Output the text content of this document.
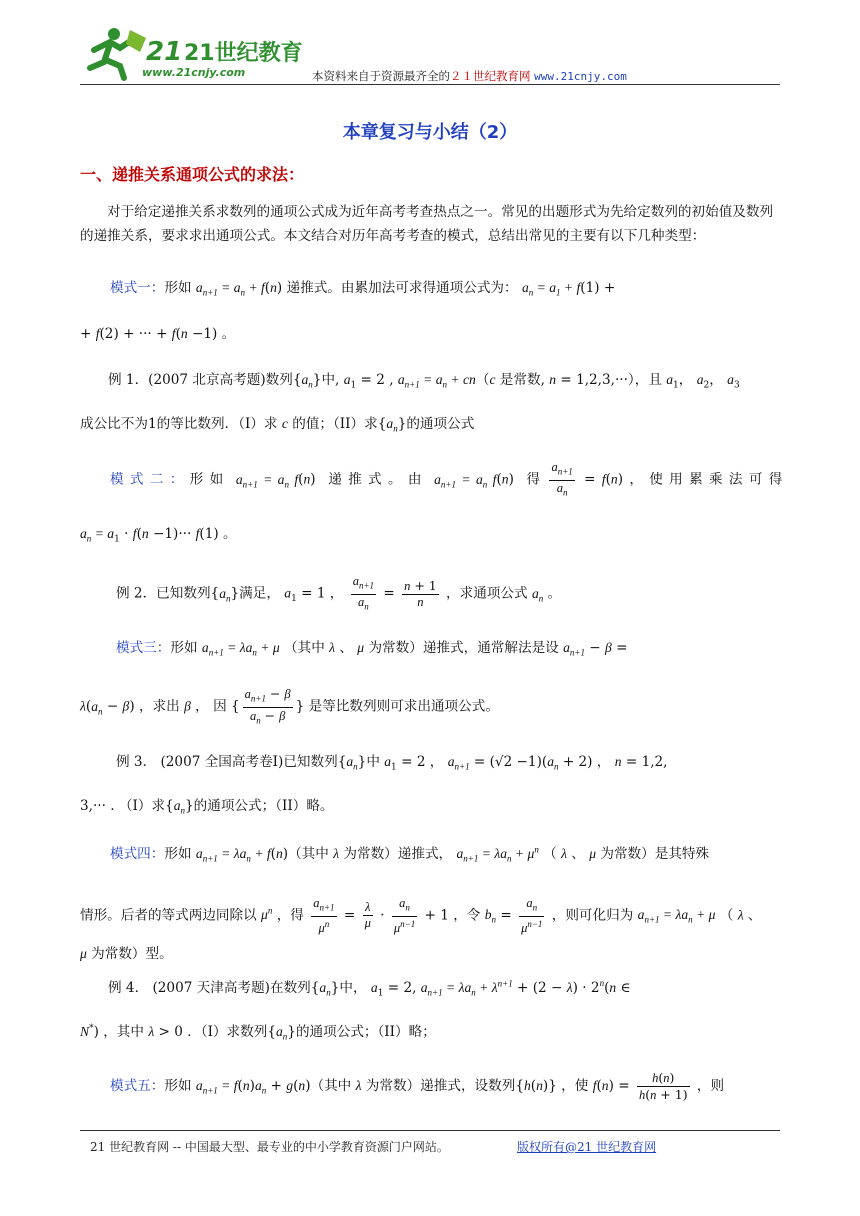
21 21世纪教育
www.21cnjy.com	本资料来自于资源最齐全的２１世纪教育网 www.21cnjy.com
本章复习与小结（2）
一、递推关系通项公式的求法：
对于给定递推关系求数列的通项公式成为近年高考考查热点之一。常见的出题形式为先给定数列的初始值及数列的递推关系，要求求出通项公式。本文结合对历年高考考查的模式，总结出常见的主要有以下几种类型：
模式一：形如 $a_{n+1} = a_n + f(n)$ 递推式。由累加法可求得通项公式为： $a_n = a_1 + f(1)$ +
+ f(2) + ··· + f(n −1) 。
例 1．(2007 北京高考题)数列$\{a_n\}$中, $a_1 = 2$ , $a_{n+1} = a_n + cn(c$ 是常数, n = 1,2,3,···），且 $a_1$， $a_2$， $a_3$
成公比不为1的等比数列．（I）求 c 的值；（II）求$\{a_n\}$的通项公式
模 式 二 ： 形 如  $a_{n+1} = a_n$ f(n)  递 推 式 。 由  $a_{n+1} = a_n$ f(n)  得 $\frac{a_{n+1}}{a_n} = f(n)$ ， 使 用 累 乘 法 可 得
$a_n = a_1 \cdot f(n -1)\cdot\cdot\cdot f(1)$ 。
例 2．已知数列$\{a_n\}$满足， $a_1 = 1$ ， $\frac{a_{n+1}}{a_n} = \frac{n + 1}{n}$ ，求通项公式 $a_n$ 。
模式三：形如 $a_{n+1} = \lambda a_n + \mu$ （其中 λ 、 μ 为常数）递推式，通常解法是设 $a_{n+1} - \beta$ =
$\lambda(a_n - \beta)$ ，求出 β ， 因 { $\frac{a_{n+1} - \beta}{a_n - \beta}$ } 是等比数列则可求出通项公式。
例 3． (2007 全国高考卷Ⅰ)已知数列$\{a_n\}$中 $a_1 = 2$ ， $a_{n+1} = (√2 -1)(a_n + 2)$ ， n = 1,2,
3,··· . （I）求$\{a_n\}$的通项公式；（II）略。
模式四：形如 $a_{n+1} = \lambda a_n + f(n)$（其中 λ 为常数）递推式， $a_{n+1} = \lambda a_n + \mu^n$ （ λ 、 μ 为常数）是其特殊
情形。后者的等式两边同除以 $\mu^n$ ，得 $\frac{a_{n+1}}{\mu^n} = \frac{\lambda}{\mu} \cdot \frac{a_n}{\mu^{n-1}} + 1$ ，令 $b_n = \frac{a_n}{\mu^{n-1}}$ ，则可化归为 $a_{n+1} = \lambda a_n + \mu$ （ λ 、
μ 为常数）型。
例 4． (2007 天津高考题)在数列$\{a_n\}$中， $a_1 = 2$, $a_{n+1} = \lambda a_n + \lambda^{n+1} + (2 - \lambda) \cdot 2^n(n$ ∈
N*) ，其中 λ > 0 ．（I）求数列$\{a_n\}$的通项公式；（II）略；
模式五：形如 $a_{n+1} = f(n)a_n + g(n)$（其中 λ 为常数）递推式，设数列{h(n)} ，使 $f(n) = \frac{h(n)}{h(n + 1)}$ ，则
21 世纪教育网 -- 中国最大型、最专业的中小学教育资源门户网站。	版权所有@21 世纪教育网
